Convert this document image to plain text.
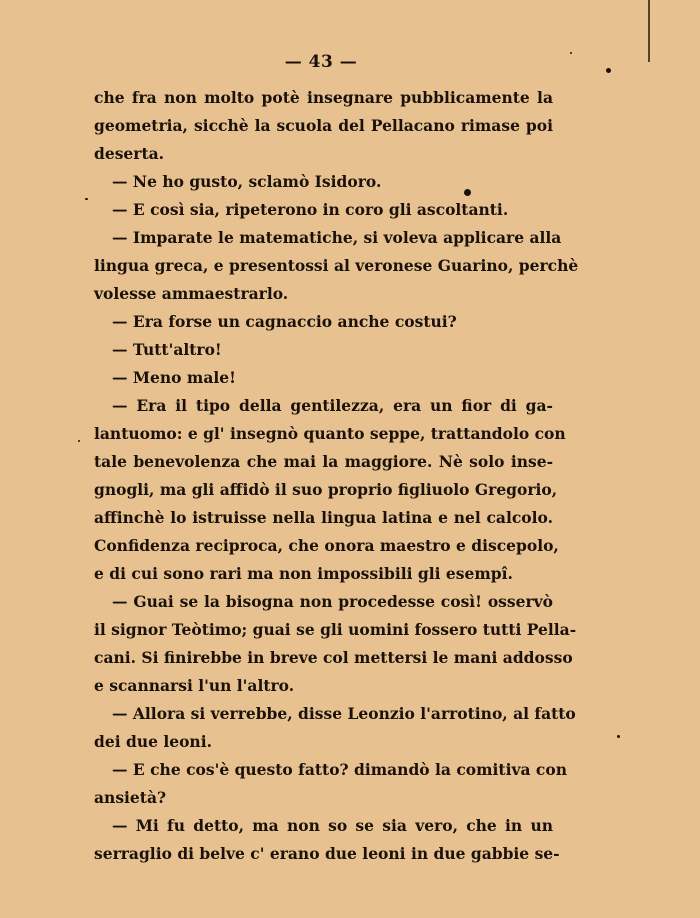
— 43 —
che fra non molto potè insegnare pubblicamente la
geometria, sicchè la scuola del Pellacano rimase poi
deserta.
— Ne ho gusto, sclamò Isidoro.
— E così sia, ripeterono in coro gli ascoltanti.
— Imparate le matematiche, si voleva applicare alla
lingua greca, e presentossi al veronese Guarino, perchè
volesse ammaestrarlo.
— Era forse un cagnaccio anche costui?
— Tutt'altro!
— Meno male!
— Era il tipo della gentilezza, era un fior di ga-
lantuomo: e gl' insegnò quanto seppe, trattandolo con
tale benevolenza che mai la maggiore. Nè solo inse-
gnogli, ma gli affidò il suo proprio figliuolo Gregorio,
affinchè lo istruisse nella lingua latina e nel calcolo.
Confidenza reciproca, che onora maestro e discepolo,
e di cui sono rari ma non impossibili gli esempî.
— Guai se la bisogna non procedesse così! osservò
il signor Teòtimo; guai se gli uomini fossero tutti Pella-
cani. Si finirebbe in breve col mettersi le mani addosso
e scannarsi l'un l'altro.
— Allora si verrebbe, disse Leonzio l'arrotino, al fatto
dei due leoni.
— E che cos'è questo fatto? dimandò la comitiva con
ansietà?
— Mi fu detto, ma non so se sia vero, che in un
serraglio di belve c' erano due leoni in due gabbie se-
